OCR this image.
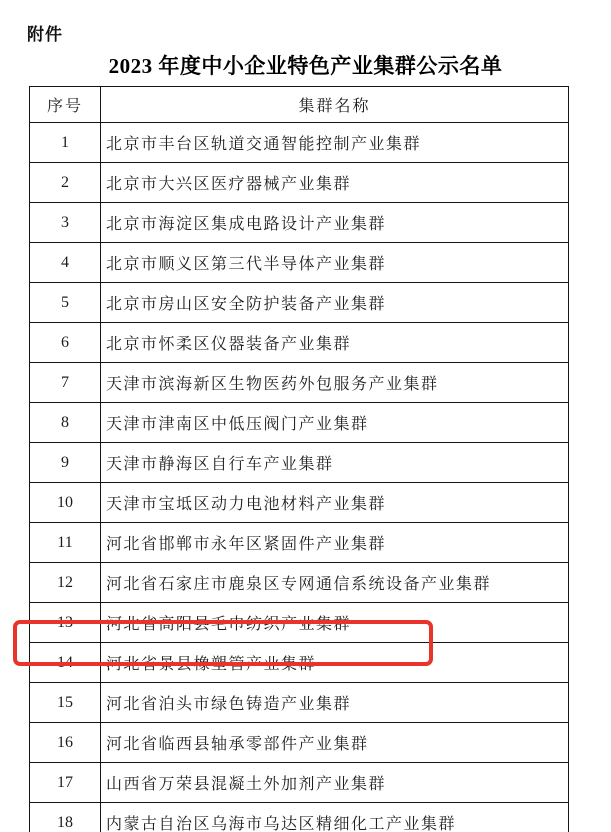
附件
2023 年度中小企业特色产业集群公示名单
序号	集群名称
1	北京市丰台区轨道交通智能控制产业集群
2	北京市大兴区医疗器械产业集群
3	北京市海淀区集成电路设计产业集群
4	北京市顺义区第三代半导体产业集群
5	北京市房山区安全防护装备产业集群
6	北京市怀柔区仪器装备产业集群
7	天津市滨海新区生物医药外包服务产业集群
8	天津市津南区中低压阀门产业集群
9	天津市静海区自行车产业集群
10	天津市宝坻区动力电池材料产业集群
11	河北省邯郸市永年区紧固件产业集群
12	河北省石家庄市鹿泉区专网通信系统设备产业集群
13	河北省高阳县毛巾纺织产业集群
14	河北省景县橡塑管产业集群
15	河北省泊头市绿色铸造产业集群
16	河北省临西县轴承零部件产业集群
17	山西省万荣县混凝土外加剂产业集群
18	内蒙古自治区乌海市乌达区精细化工产业集群
